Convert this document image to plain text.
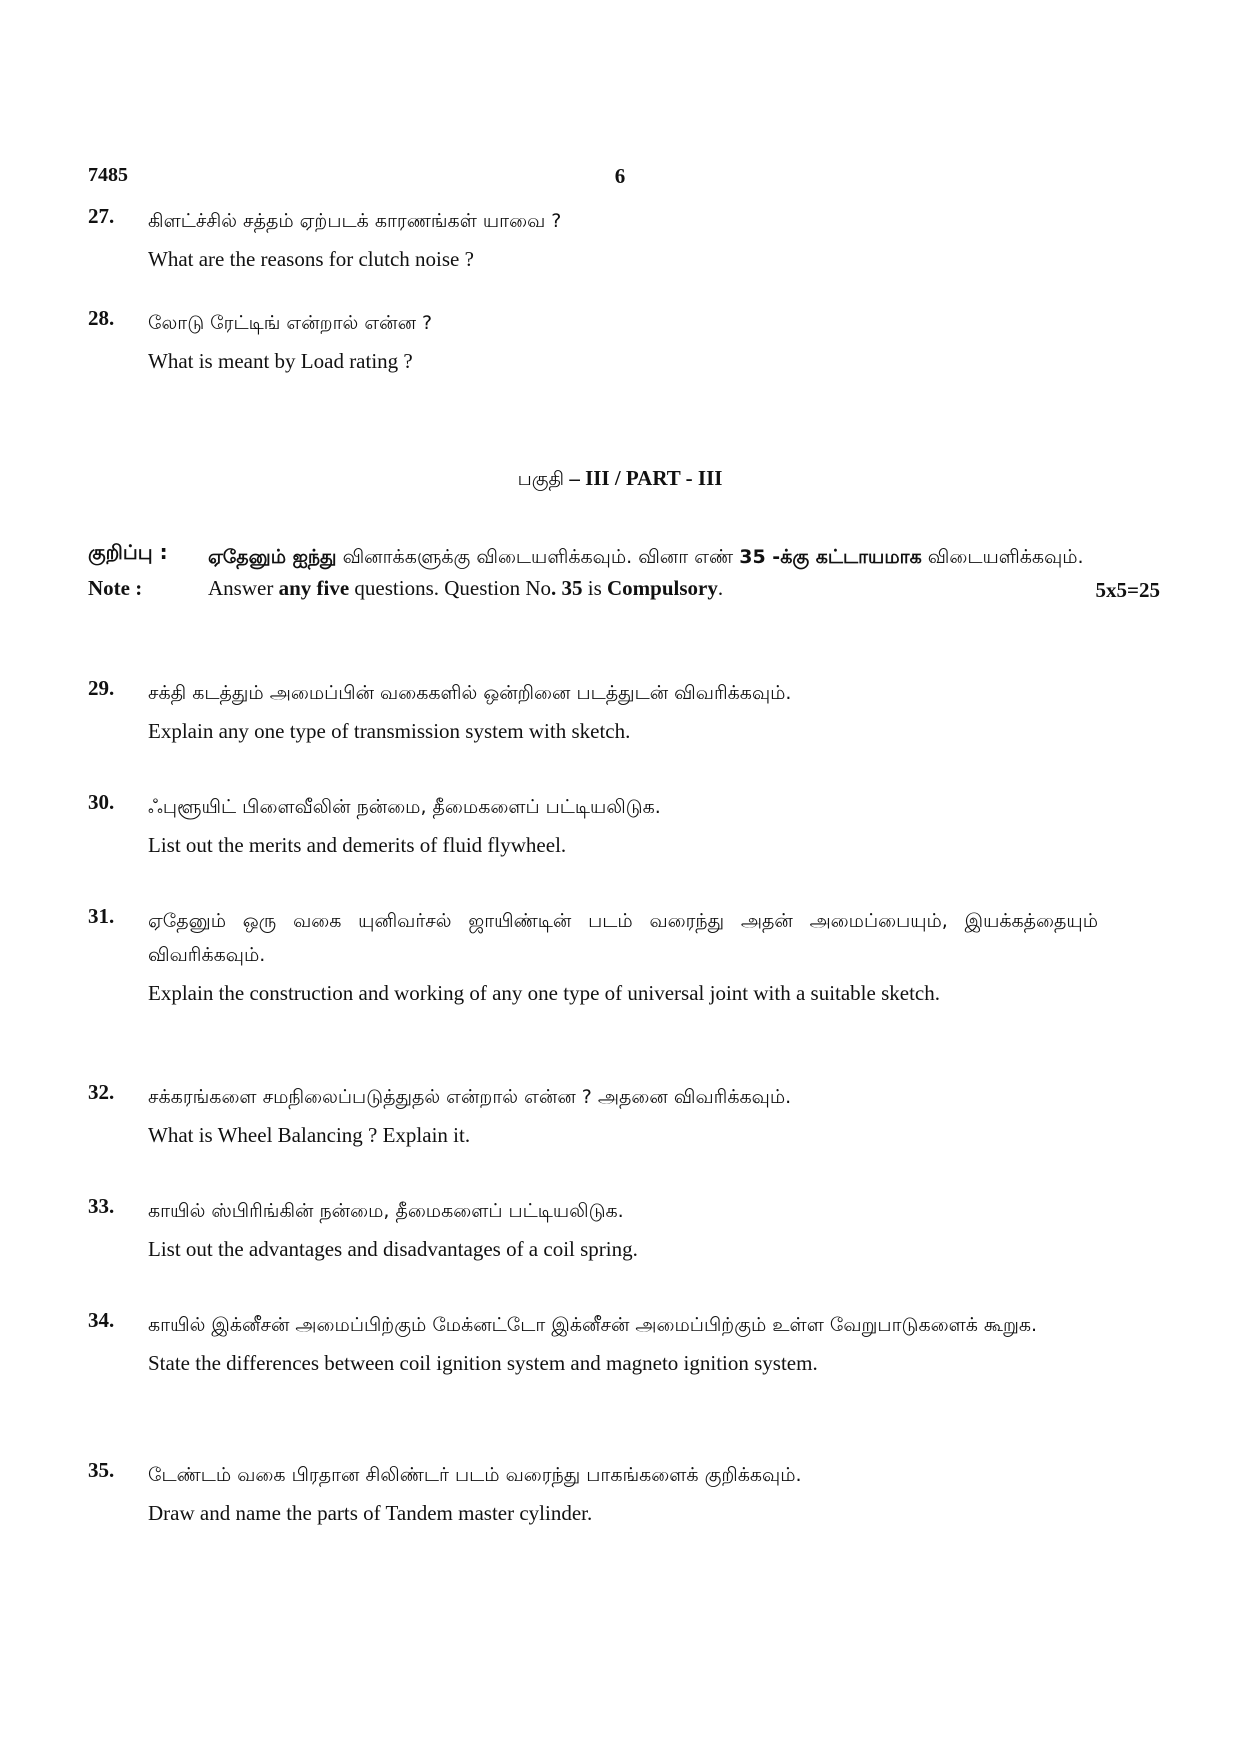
7485	6
27. கிளட்ச்சில் சத்தம் ஏற்படக் காரணங்கள் யாவை ?
What are the reasons for clutch noise ?
28. லோடு ரேட்டிங் என்றால் என்ன ?
What is meant by Load rating ?
பகுதி – III / PART - III
குறிப்பு : ஏதேனும் ஐந்து வினாக்களுக்கு விடையளிக்கவும். வினா எண் 35 -க்கு கட்டாயமாக விடையளிக்கவும்.
5x5=25
Note :	Answer any five questions. Question No. 35 is Compulsory.
29. சக்தி கடத்தும் அமைப்பின் வகைகளில் ஒன்றினை படத்துடன் விவரிக்கவும்.
Explain any one type of transmission system with sketch.
30. ஃபுளூயிட் பிளைவீலின் நன்மை, தீமைகளைப் பட்டியலிடுக.
List out the merits and demerits of fluid flywheel.
31. ஏதேனும் ஒரு வகை யுனிவர்சல் ஜாயிண்டின் படம் வரைந்து அதன் அமைப்பையும், இயக்கத்தையும் விவரிக்கவும்.
Explain the construction and working of any one type of universal joint with a suitable sketch.
32. சக்கரங்களை சமநிலைப்படுத்துதல் என்றால் என்ன ? அதனை விவரிக்கவும்.
What is Wheel Balancing ? Explain it.
33. காயில் ஸ்பிரிங்கின் நன்மை, தீமைகளைப் பட்டியலிடுக.
List out the advantages and disadvantages of a coil spring.
34. காயில் இக்னீசன் அமைப்பிற்கும் மேக்னட்டோ இக்னீசன் அமைப்பிற்கும் உள்ள வேறுபாடுகளைக் கூறுக.
State the differences between coil ignition system and magneto ignition system.
35. டேண்டம் வகை பிரதான சிலிண்டர் படம் வரைந்து பாகங்களைக் குறிக்கவும்.
Draw and name the parts of Tandem master cylinder.
